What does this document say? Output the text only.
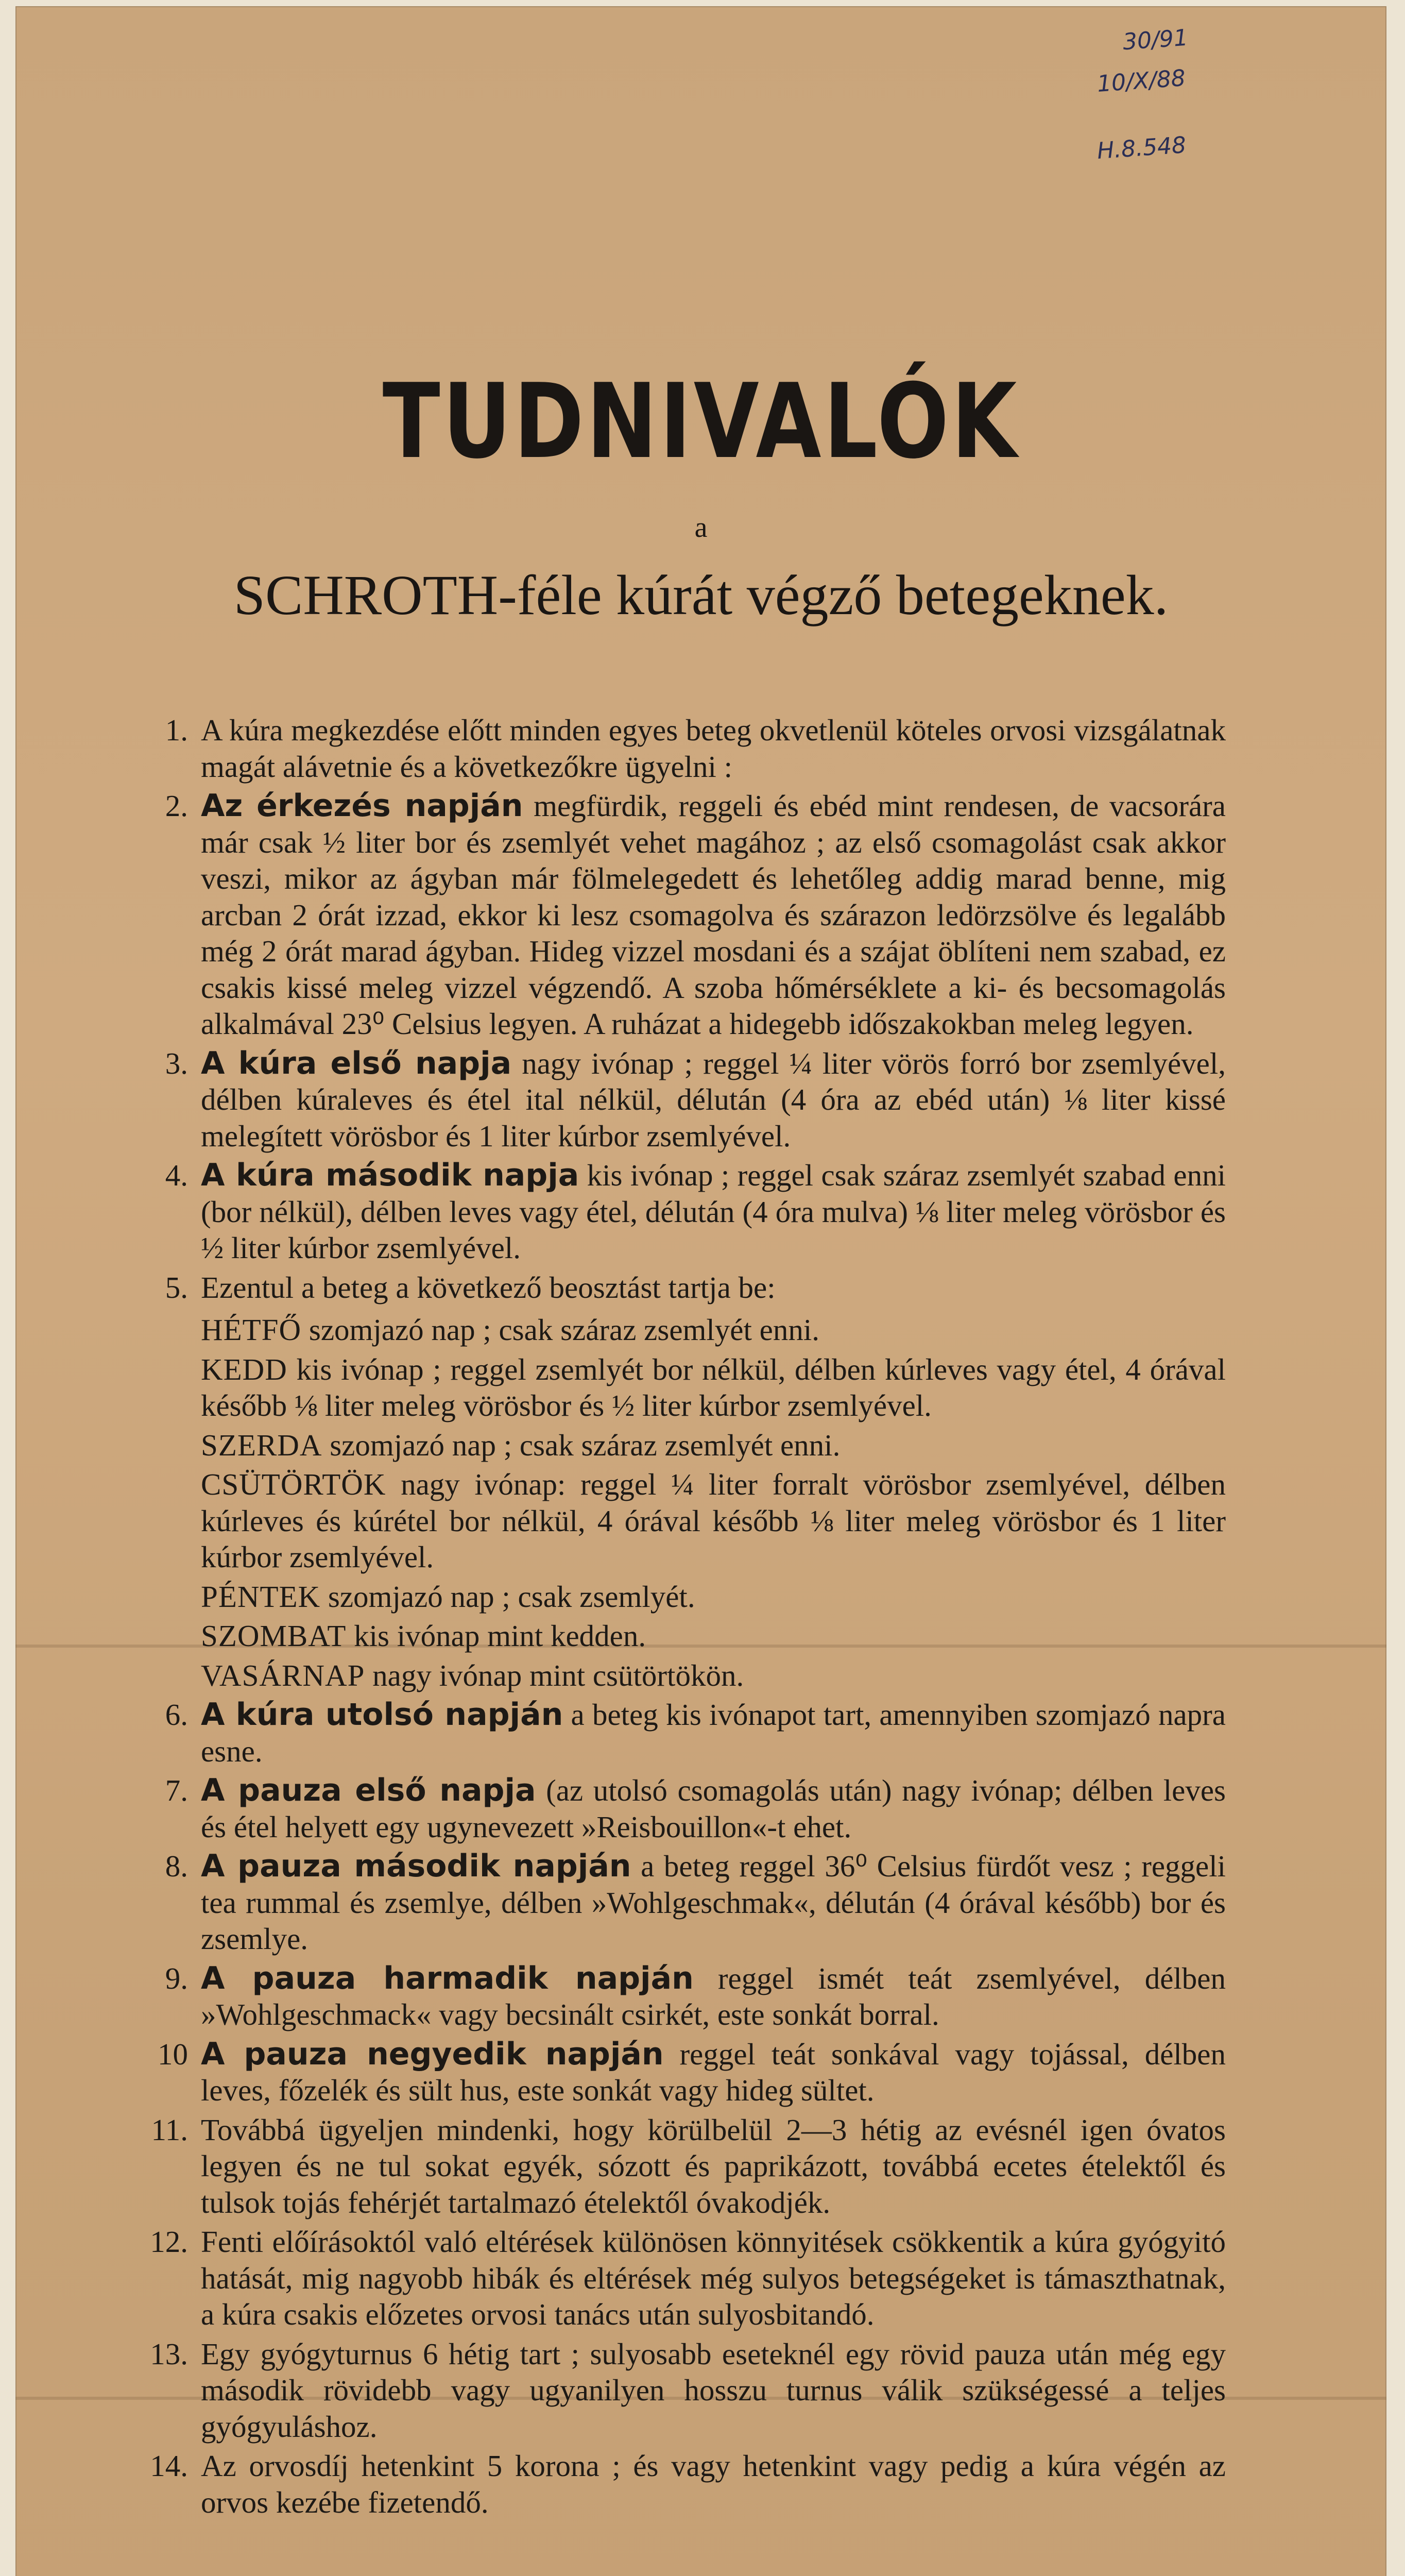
30/91
10/X/88
H.8.548
TUDNIVALÓK
a
SCHROTH-féle kúrát végző betegeknek.
1. A kúra megkezdése előtt minden egyes beteg okvetlenül köteles orvosi vizsgálatnak magát alávetnie és a következőkre ügyelni :
2. Az érkezés napján megfürdik, reggeli és ebéd mint rendesen, de vacsorára már csak ½ liter bor és zsemlyét vehet magához ; az első csomagolást csak akkor veszi, mikor az ágyban már fölmelegedett és lehetőleg addig marad benne, mig arcban 2 órát izzad, ekkor ki lesz csomagolva és szárazon ledörzsölve és legalább még 2 órát marad ágyban. Hideg vizzel mosdani és a szájat öblíteni nem szabad, ez csakis kissé meleg vizzel végzendő. A szoba hőmérséklete a ki- és becsomagolás alkalmával 23⁰ Celsius legyen. A ruházat a hidegebb időszakokban meleg legyen.
3. A kúra első napja nagy ivónap ; reggel ¼ liter vörös forró bor zsemlyével, délben kúraleves és étel ital nélkül, délután (4 óra az ebéd után) ⅛ liter kissé melegített vörösbor és 1 liter kúrbor zsemlyével.
4. A kúra második napja kis ivónap ; reggel csak száraz zsemlyét szabad enni (bor nélkül), délben leves vagy étel, délután (4 óra mulva) ⅛ liter meleg vörösbor és ½ liter kúrbor zsemlyével.
5. Ezentul a beteg a következő beosztást tartja be:
HÉTFŐ szomjazó nap ; csak száraz zsemlyét enni.
KEDD kis ivónap ; reggel zsemlyét bor nélkül, délben kúrleves vagy étel, 4 órával később ⅛ liter meleg vörösbor és ½ liter kúrbor zsemlyével.
SZERDA szomjazó nap ; csak száraz zsemlyét enni.
CSÜTÖRTÖK nagy ivónap: reggel ¼ liter forralt vörösbor zsemlyével, délben kúrleves és kúrétel bor nélkül, 4 órával később ⅛ liter meleg vörösbor és 1 liter kúrbor zsemlyével.
PÉNTEK szomjazó nap ; csak zsemlyét.
SZOMBAT kis ivónap mint kedden.
VASÁRNAP nagy ivónap mint csütörtökön.
6. A kúra utolsó napján a beteg kis ivónapot tart, amennyiben szomjazó napra esne.
7. A pauza első napja (az utolsó csomagolás után) nagy ivónap; délben leves és étel helyett egy ugynevezett »Reisbouillon«-t ehet.
8. A pauza második napján a beteg reggel 36⁰ Celsius fürdőt vesz ; reggeli tea rummal és zsemlye, délben »Wohlgeschmak«, délután (4 órával később) bor és zsemlye.
9. A pauza harmadik napján reggel ismét teát zsemlyével, délben »Wohlgeschmack« vagy becsinált csirkét, este sonkát borral.
10 A pauza negyedik napján reggel teát sonkával vagy tojással, délben leves, főzelék és sült hus, este sonkát vagy hideg sültet.
11. Továbbá ügyeljen mindenki, hogy körülbelül 2—3 hétig az evésnél igen óvatos legyen és ne tul sokat egyék, sózott és paprikázott, továbbá ecetes ételektől és tulsok tojás fehérjét tartalmazó ételektől óvakodjék.
12. Fenti előírásoktól való eltérések különösen könnyitések csökkentik a kúra gyógyitó hatását, mig nagyobb hibák és eltérések még sulyos betegségeket is támaszthatnak, a kúra csakis előzetes orvosi tanács után sulyosbitandó.
13. Egy gyógyturnus 6 hétig tart ; sulyosabb eseteknél egy rövid pauza után még egy második rövidebb vagy ugyanilyen hosszu turnus válik szükségessé a teljes gyógyuláshoz.
14. Az orvosdíj hetenkint 5 korona ; és vagy hetenkint vagy pedig a kúra végén az orvos kezébe fizetendő.
